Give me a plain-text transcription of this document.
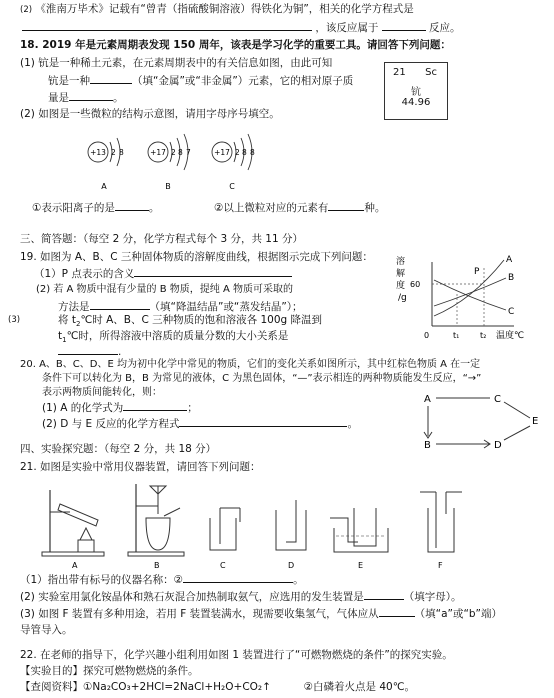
(2) 《淮南万毕术》记载有“曾青（指硫酸铜溶液）得铁化为铜”，相关的化学方程式是
，该反应属于	反应。
18. 2019 年是元素周期表发现 150 周年，该表是学习化学的重要工具。请回答下列问题：
(1) 钪是一种稀土元素，在元素周期表中的有关信息如图，由此可知
钪是一种	（填“金属”或“非金属”）元素，它的相对原子质
量是	。
(2) 如图是一些微粒的结构示意图，请用字母序号填空。
21 Sc
钪
44.96
+13 2 8
A
+17 2 8 7
B
+17 2 8 8
C
①表示阳离子的是	。	②以上微粒对应的元素有	种。
三、简答题：（每空 2 分，化学方程式每个 3 分，共 11 分）
19. 如图为 A、B、C 三种固体物质的溶解度曲线，根据图示完成下列问题：
（1）P 点表示的含义
(2) 若 A 物质中混有少量的 B 物质，提纯 A 物质可采取的
方法是	（填“降温结晶”或“蒸发结晶”）；
(3)	将 $t_2℃$时 A、B、C 三种物质的饱和溶液各 100g 降温到
$t_1℃$时，所得溶液中溶质的质量分数的大小关系是
.
溶
解
度
/g
60
P
A
B
C
0	t₁	t₂ 温度℃
20. A、B、C、D、E 均为初中化学中常见的物质，它们的变化关系如图所示，其中红棕色物质 A 在一定
条件下可以转化为 B，B 为常见的液体，C 为黑色固体，“—”表示相连的两种物质能发生反应，“→”
表示两物质间能转化，则：
(1) A 的化学式为	；
(2) D 与 E 反应的化学方程式	。
A	C
E
B	D
四、实验探究题：（每空 2 分，共 18 分）
21. 如图是实验中常用仪器装置，请回答下列问题：
A	B	C	D	E	F
（1）指出带有标号的仪器名称：②	。
(2) 实验室用氯化铵晶体和熟石灰混合加热制取氨气，应选用的发生装置是	（填字母）。
(3) 如图 F 装置有多种用途，若用 F 装置装满水，现需要收集氢气，气体应从	（填“a”或“b”端）
导管导入。
22. 在老师的指导下，化学兴趣小组利用如图 1 装置进行了“可燃物燃烧的条件”的探究实验。
【实验目的】探究可燃物燃烧的条件。
【查阅资料】①Na₂CO₃+2HCl=2NaCl+H₂O+CO₂↑	②白磷着火点是 40℃。
